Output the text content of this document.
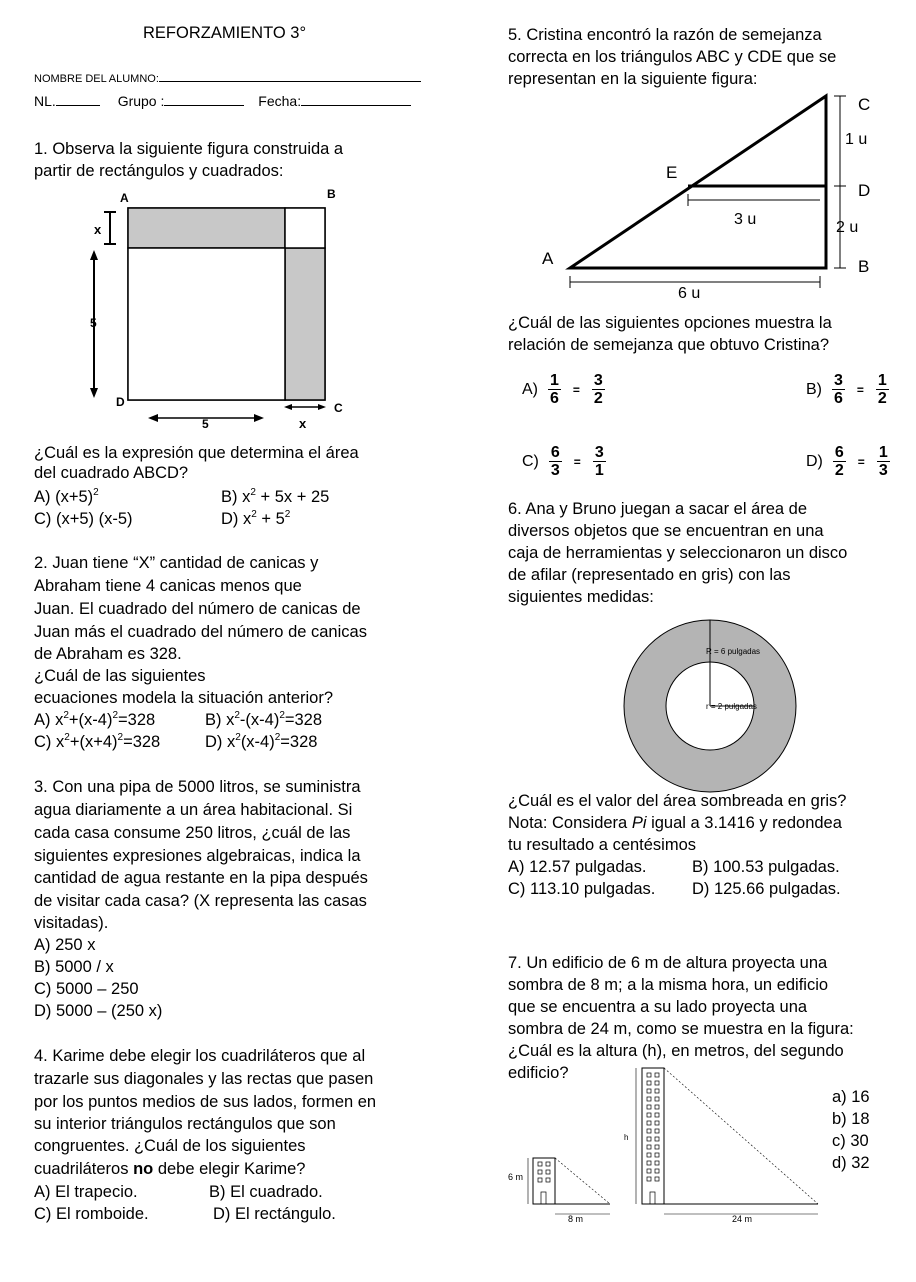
REFORZAMIENTO 3°
NOMBRE DEL ALUMNO:
NL.	Grupo :	Fecha:
1. Observa la siguiente figura construida a
partir de rectángulos y cuadrados:
A	B
D	C
x
5
5	x
¿Cuál es la expresión que determina el área
del cuadrado ABCD?
A) $(x+5)^2$	B) $x^2 + 5x + 25$
C) (x+5) (x-5)	D) $x^2 + 5^2$
2. Juan tiene “X” cantidad de canicas y
Abraham tiene 4 canicas menos que
Juan. El cuadrado del número de canicas de
Juan más el cuadrado del número de canicas
de Abraham es 328.
¿Cuál de las siguientes
ecuaciones modela la situación anterior?
A) $x^2+(x-4)^2=328$	B) $x^2-(x-4)^2=328$
C) $x^2+(x+4)^2=328$	D) $x^2(x-4)^2=328$
3. Con una pipa de 5000 litros, se suministra
agua diariamente a un área habitacional. Si
cada casa consume 250 litros, ¿cuál de las
siguientes expresiones algebraicas, indica la
cantidad de agua restante en la pipa después
de visitar cada casa? (X representa las casas
visitadas).
A) 250 x
B) 5000 / x
C) 5000 – 250
D) 5000 – (250 x)
4. Karime debe elegir los cuadriláteros que al
trazarle sus diagonales y las rectas que pasen
por los puntos medios de sus lados, formen en
su interior triángulos rectángulos que son
congruentes. ¿Cuál de los siguientes
cuadriláteros no debe elegir Karime?
A) El trapecio.	B) El cuadrado.
C) El romboide.	D) El rectángulo.
5. Cristina encontró la razón de semejanza
correcta en los triángulos ABC y CDE que se
representan en la siguiente figura:
C
1 u
E
D
3 u	2 u
A	B
6 u
¿Cuál de las siguientes opciones muestra la
relación de semejanza que obtuvo Cristina?
$A) \frac{1}{6} = \frac{3}{2}$	$B) \frac{3}{6} = \frac{1}{2}$
$C) \frac{6}{3} = \frac{3}{1}$	$D) \frac{6}{2} = \frac{1}{3}$
6. Ana y Bruno juegan a sacar el área de
diversos objetos que se encuentran en una
caja de herramientas y seleccionaron un disco
de afilar (representado en gris) con las
siguientes medidas:
R = 6 pulgadas
r = 2 pulgadas
¿Cuál es el valor del área sombreada en gris?
Nota: Considera Pi igual a 3.1416 y redondea
tu resultado a centésimos
A) 12.57 pulgadas.	B) 100.53 pulgadas.
C) 113.10 pulgadas. D) 125.66 pulgadas.
7. Un edificio de 6 m de altura proyecta una
sombra de 8 m; a la misma hora, un edificio
que se encuentra a su lado proyecta una
sombra de 24 m, como se muestra en la figura:
¿Cuál es la altura (h), en metros, del segundo
edificio?
6 m
8 m
h
24 m
a) 16
b) 18
c) 30
d) 32
